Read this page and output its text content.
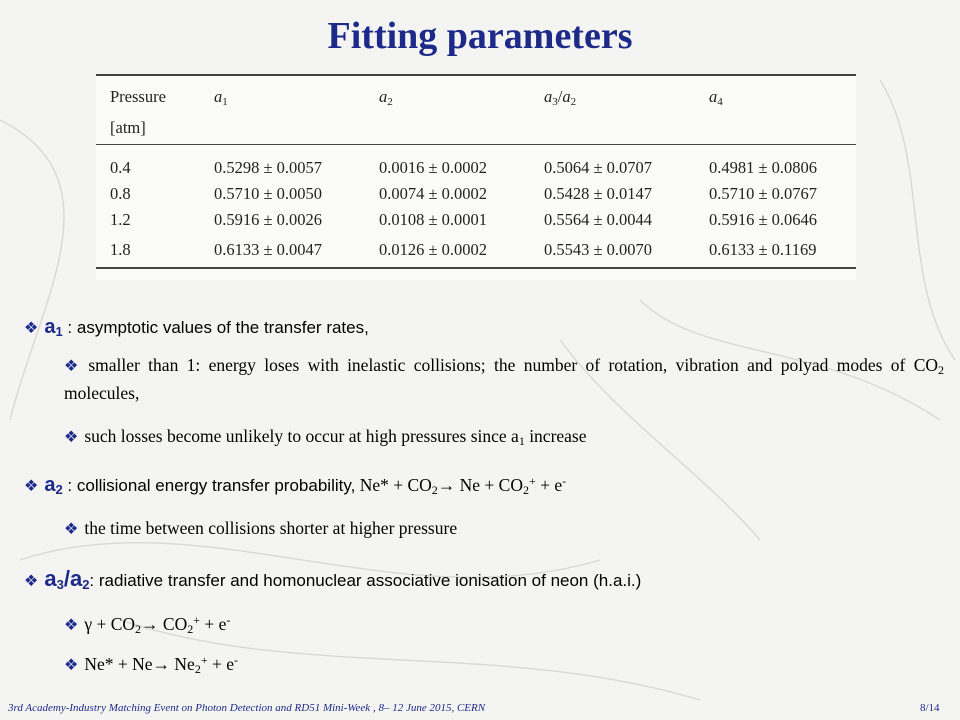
Fitting parameters
Pressure	$a_1$	$a_2$	$a_3/a_2$	$a_4$
[atm]				
0.4	0.5298 ± 0.0057	0.0016 ± 0.0002	0.5064 ± 0.0707	0.4981 ± 0.0806
0.8	0.5710 ± 0.0050	0.0074 ± 0.0002	0.5428 ± 0.0147	0.5710 ± 0.0767
1.2	0.5916 ± 0.0026	0.0108 ± 0.0001	0.5564 ± 0.0044	0.5916 ± 0.0646
1.8	0.6133 ± 0.0047	0.0126 ± 0.0002	0.5543 ± 0.0070	0.6133 ± 0.1169
❖ $a_1$ : asymptotic values of the transfer rates,
❖ smaller than 1: energy loses with inelastic collisions; the number of rotation, vibration and polyad modes of $CO_2$ molecules,
❖ such losses become unlikely to occur at high pressures since $a_1$ increase
❖ $a_2$ : collisional energy transfer probability, $Ne* + CO_2\to Ne + CO_2^+ + e^-$
❖ the time between collisions shorter at higher pressure
❖ $a_3/a_2$: radiative transfer and homonuclear associative ionisation of neon (h.a.i.)
❖ $\gamma + CO_2\to CO_2^+ + e^-$
❖ $Ne* + Ne\to Ne_2^+ + e^-$
3rd Academy-Industry Matching Event on Photon Detection and RD51 Mini-Week , 8– 12 June 2015, CERN	8/14
